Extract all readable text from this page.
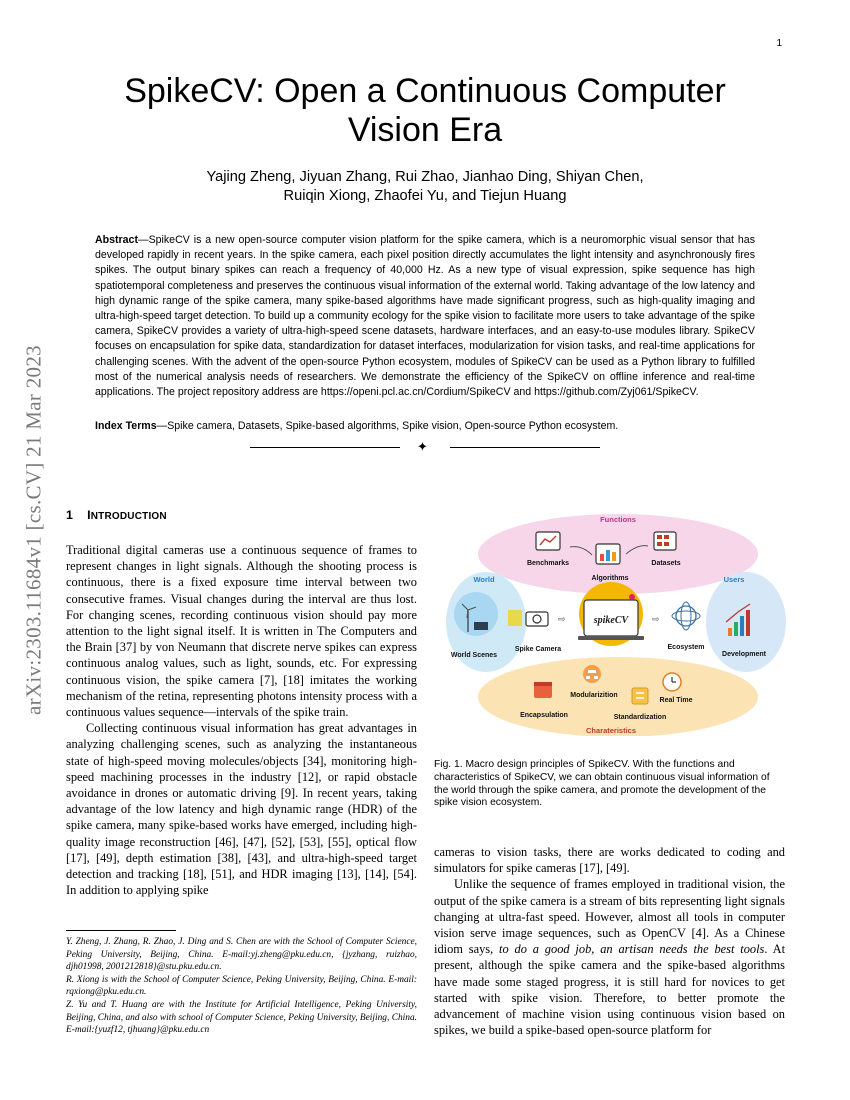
1
arXiv:2303.11684v1 [cs.CV] 21 Mar 2023
SpikeCV: Open a Continuous Computer Vision Era
Yajing Zheng, Jiyuan Zhang, Rui Zhao, Jianhao Ding, Shiyan Chen,
Ruiqin Xiong, Zhaofei Yu, and Tiejun Huang
Abstract—SpikeCV is a new open-source computer vision platform for the spike camera, which is a neuromorphic visual sensor that has developed rapidly in recent years. In the spike camera, each pixel position directly accumulates the light intensity and asynchronously fires spikes. The output binary spikes can reach a frequency of 40,000 Hz. As a new type of visual expression, spike sequence has high spatiotemporal completeness and preserves the continuous visual information of the external world. Taking advantage of the low latency and high dynamic range of the spike camera, many spike-based algorithms have made significant progress, such as high-quality imaging and ultra-high-speed target detection. To build up a community ecology for the spike vision to facilitate more users to take advantage of the spike camera, SpikeCV provides a variety of ultra-high-speed scene datasets, hardware interfaces, and an easy-to-use modules library. SpikeCV focuses on encapsulation for spike data, standardization for dataset interfaces, modularization for vision tasks, and real-time applications for challenging scenes. With the advent of the open-source Python ecosystem, modules of SpikeCV can be used as a Python library to fulfilled most of the numerical analysis needs of researchers. We demonstrate the efficiency of the SpikeCV on offline inference and real-time applications. The project repository address are https://openi.pcl.ac.cn/Cordium/SpikeCV and https://github.com/Zyj061/SpikeCV.
Index Terms—Spike camera, Datasets, Spike-based algorithms, Spike vision, Open-source Python ecosystem.
✦
1 INTRODUCTION

Traditional digital cameras use a continuous sequence of frames to represent changes in light signals. Although the shooting process is continuous, there is a fixed exposure time interval between two consecutive frames. Visual changes during the interval are thus lost. For changing scenes, recording continuous vision should pay more attention to the light signal itself. It is written in The Computers and the Brain [37] by von Neumann that discrete nerve spikes can express continuous analog values, such as light, sounds, etc. For expressing continuous vision, the spike camera [7], [18] imitates the working mechanism of the retina, representing photons intensity process with a continuous values sequence—intervals of the spike train.

Collecting continuous visual information has great advantages in analyzing challenging scenes, such as analyzing the instantaneous state of high-speed moving molecules/objects [34], monitoring high-speed machining processes in the industry [12], or rapid obstacle avoidance in drones or automatic driving [9]. In recent years, taking advantage of the low latency and high dynamic range (HDR) of the spike camera, many spike-based works have emerged, including high-quality image reconstruction [46], [47], [52], [53], [55], optical flow [17], [49], depth estimation [38], [43], and ultra-high-speed target detection and tracking [18], [51], and HDR imaging [13], [14], [54]. In addition to applying spike

Y. Zheng, J. Zhang, R. Zhao, J. Ding and S. Chen are with the School of Computer Science, Peking University, Beijing, China. E-mail:yj.zheng@pku.edu.cn, {jyzhang, ruizhao, djh01998, 2001212818}@stu.pku.edu.cn.

R. Xiong is with the School of Computer Science, Peking University, Beijing, China. E-mail: rqxiong@pku.edu.cn.

Z. Yu and T. Huang are with the Institute for Artificial Intelligence, Peking University, Beijing, China, and also with school of Computer Science, Peking University, Beijing, China. E-mail:{yuzf12, tjhuang}@pku.edu.cn

Functions
World	Users
Charateristics
Benchmarks
Algorithms
Datasets
World Scenes
Spike Camera
⇨	spikeCV	⇨
Ecosystem
Development
Modularizition
Real Time
Encapsulation	Standardization
Fig. 1. Macro design principles of SpikeCV. With the functions and characteristics of SpikeCV, we can obtain continuous visual information of the world through the spike camera, and promote the development of the spike vision ecosystem.

cameras to vision tasks, there are works dedicated to coding and simulators for spike cameras [17], [49].

Unlike the sequence of frames employed in traditional vision, the output of the spike camera is a stream of bits representing light signals changing at ultra-fast speed. However, almost all tools in computer vision serve image sequences, such as OpenCV [4]. As a Chinese idiom says, to do a good job, an artisan needs the best tools. At present, although the spike camera and the spike-based algorithms have made some staged progress, it is still hard for novices to get started with spike vision. Therefore, to better promote the advancement of machine vision using continuous vision based on spikes, we build a spike-based open-source platform for
